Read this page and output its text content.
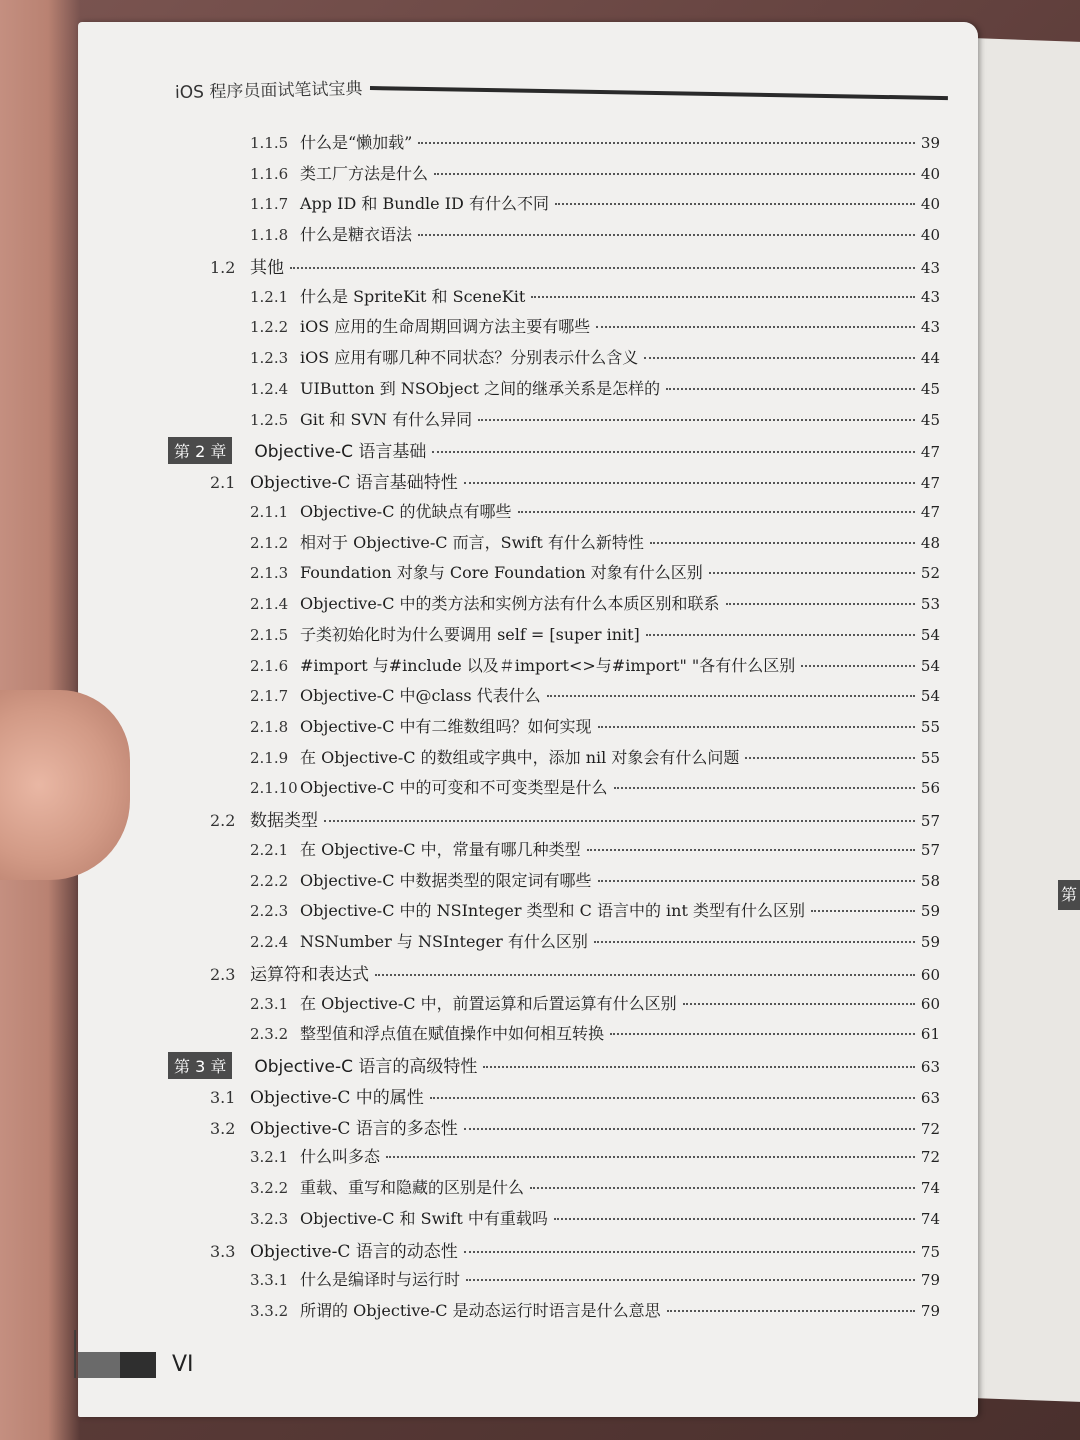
第
iOS 程序员面试笔试宝典
1.1.5 什么是“懒加载”	39
1.1.6 类工厂方法是什么	40
1.1.7 App ID 和 Bundle ID 有什么不同	40
1.1.8 什么是糖衣语法	40
1.2 其他	43
1.2.1 什么是 SpriteKit 和 SceneKit	43
1.2.2 iOS 应用的生命周期回调方法主要有哪些	43
1.2.3 iOS 应用有哪几种不同状态？分别表示什么含义	44
1.2.4 UIButton 到 NSObject 之间的继承关系是怎样的	45
1.2.5 Git 和 SVN 有什么异同	45
第 2 章	Objective-C 语言基础	47
2.1 Objective-C 语言基础特性	47
2.1.1 Objective-C 的优缺点有哪些	47
2.1.2 相对于 Objective-C 而言，Swift 有什么新特性	48
2.1.3 Foundation 对象与 Core Foundation 对象有什么区别	52
2.1.4 Objective-C 中的类方法和实例方法有什么本质区别和联系	53
2.1.5 子类初始化时为什么要调用 self = [super init]	54
2.1.6 #import 与#include 以及＃import<>与#import" "各有什么区别	54
2.1.7 Objective-C 中@class 代表什么	54
2.1.8 Objective-C 中有二维数组吗？如何实现	55
2.1.9 在 Objective-C 的数组或字典中，添加 nil 对象会有什么问题	55
2.1.10 Objective-C 中的可变和不可变类型是什么	56
2.2 数据类型	57
2.2.1 在 Objective-C 中，常量有哪几种类型	57
2.2.2 Objective-C 中数据类型的限定词有哪些	58
2.2.3 Objective-C 中的 NSInteger 类型和 C 语言中的 int 类型有什么区别	59
2.2.4 NSNumber 与 NSInteger 有什么区别	59
2.3 运算符和表达式	60
2.3.1 在 Objective-C 中，前置运算和后置运算有什么区别	60
2.3.2 整型值和浮点值在赋值操作中如何相互转换	61
第 3 章	Objective-C 语言的高级特性	63
3.1 Objective-C 中的属性	63
3.2 Objective-C 语言的多态性	72
3.2.1 什么叫多态	72
3.2.2 重载、重写和隐藏的区别是什么	74
3.2.3 Objective-C 和 Swift 中有重载吗	74
3.3 Objective-C 语言的动态性	75
3.3.1 什么是编译时与运行时	79
3.3.2 所谓的 Objective-C 是动态运行时语言是什么意思	79
VI
